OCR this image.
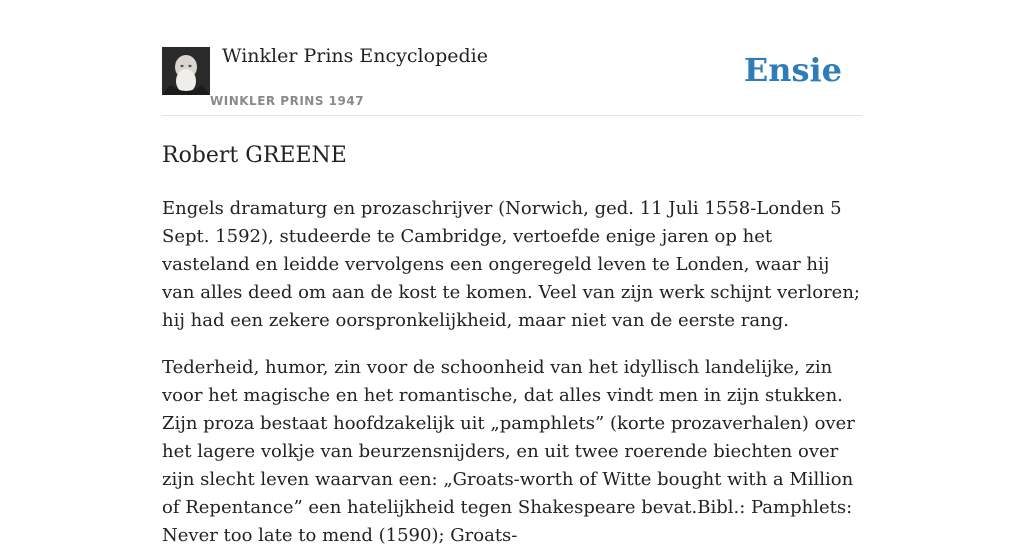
Winkler Prins Encyclopedie
WINKLER PRINS 1947
Ensie
Robert GREENE

Engels dramaturg en prozaschrijver (Norwich, ged. 11 Juli 1558-Londen 5 Sept. 1592), studeerde te Cambridge, vertoefde enige jaren op het vasteland en leidde vervolgens een ongeregeld leven te Londen, waar hij van alles deed om aan de kost te komen. Veel van zijn werk schijnt verloren; hij had een zekere oorspronkelijkheid, maar niet van de eerste rang.

Tederheid, humor, zin voor de schoonheid van het idyllisch landelijke, zin voor het magische en het romantische, dat alles vindt men in zijn stukken. Zijn proza bestaat hoofdzakelijk uit „pamphlets” (korte prozaverhalen) over het lagere volkje van beurzensnijders, en uit twee roerende biechten over zijn slecht leven waarvan een: „Groats-worth of Witte bought with a Million of Repentance” een hatelijkheid tegen Shakespeare bevat.Bibl.: Pamphlets: Never too late to mend (1590); Groats-
